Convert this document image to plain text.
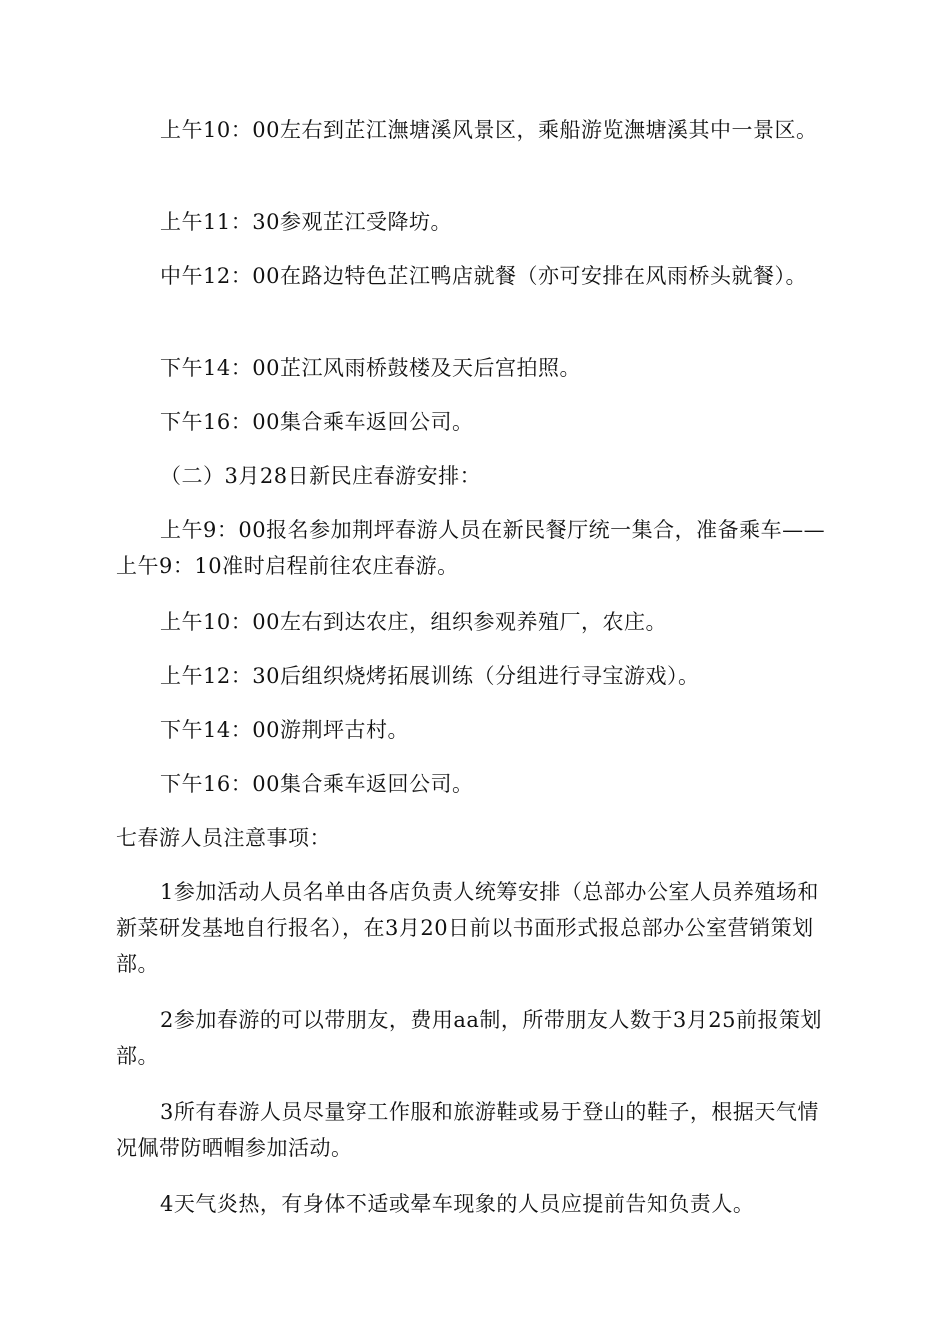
上午10：00左右到芷江潕塘溪风景区，乘船游览潕塘溪其中一景区。

上午11：30参观芷江受降坊。

中午12：00在路边特色芷江鸭店就餐（亦可安排在风雨桥头就餐）。

下午14：00芷江风雨桥鼓楼及天后宫拍照。

下午16：00集合乘车返回公司。

（二）3月28日新民庄春游安排：

上午9：00报名参加荆坪春游人员在新民餐厅统一集合，准备乘车——上午9：10准时启程前往农庄春游。

上午10：00左右到达农庄，组织参观养殖厂，农庄。

上午12：30后组织烧烤拓展训练（分组进行寻宝游戏）。

下午14：00游荆坪古村。

下午16：00集合乘车返回公司。

七春游人员注意事项：

1参加活动人员名单由各店负责人统筹安排（总部办公室人员养殖场和新菜研发基地自行报名），在3月20日前以书面形式报总部办公室营销策划部。

2参加春游的可以带朋友，费用aa制，所带朋友人数于3月25前报策划部。

3所有春游人员尽量穿工作服和旅游鞋或易于登山的鞋子，根据天气情况佩带防晒帽参加活动。

4天气炎热，有身体不适或晕车现象的人员应提前告知负责人。
